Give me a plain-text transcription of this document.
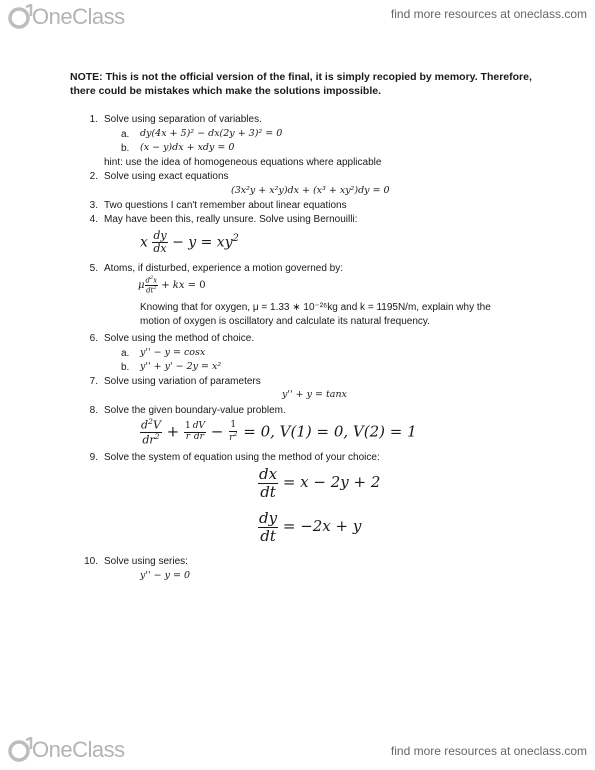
OneClass	find more resources at oneclass.com
NOTE: This is not the official version of the final, it is simply recopied by memory. Therefore, there could be mistakes which make the solutions impossible.
1. Solve using separation of variables.
a. dy(4x + 5)² − dx(2y + 3)² = 0
b. (x − y)dx + xdy = 0
hint: use the idea of homogeneous equations where applicable
2. Solve using exact equations
(3x²y + x²y)dx + (x³ + xy²)dy = 0
3. Two questions I can't remember about linear equations
4. May have been this, really unsure. Solve using Bernouilli:
x $\frac{dy}{dx} - y = xy^2$
5. Atoms, if disturbed, experience a motion governed by:
μ $\frac{d^2x}{dt^2}$ + kx = 0
Knowing that for oxygen, μ = 1.33 ∗ 10⁻²⁶kg and k = 1195N/m, explain why the
motion of oxygen is oscillatory and calculate its natural frequency.
6. Solve using the method of choice.
a. y'' − y = cosx
b. y'' + y' − 2y = x²
7. Solve using variation of parameters
y'' + y = tanx
8. Solve the given boundary-value problem.
$\frac{d^2V}{dr^2} + \frac{1}{r} \frac{dV}{dr} - \frac{1}{r^2} = 0$, V(1) = 0, V(2) = 1
9. Solve the system of equation using the method of your choice:
$\frac{dx}{dt} = x - 2y + 2$
$\frac{dy}{dt} = -2x + y$
10. Solve using series:
y'' − y = 0
OneClass	find more resources at oneclass.com
